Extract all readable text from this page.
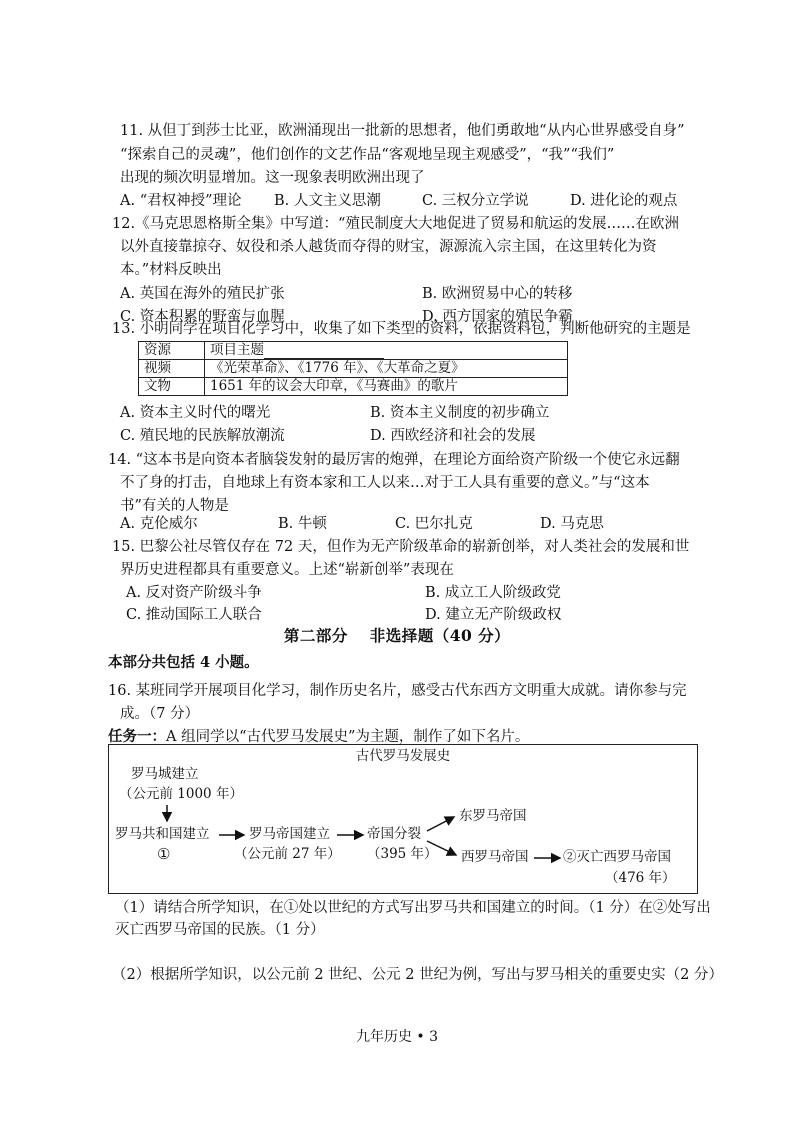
11. 从但丁到莎士比亚，欧洲涌现出一批新的思想者，他们勇敢地“从内心世界感受自身”
“探索自己的灵魂”，他们创作的文艺作品“客观地呈现主观感受”，“我”“我们”
出现的频次明显增加。这一现象表明欧洲出现了
A. “君权神授”理论 B. 人文主义思潮	C. 三权分立学说	D. 进化论的观点
12.《马克思恩格斯全集》中写道：“殖民制度大大地促进了贸易和航运的发展……在欧洲
以外直接靠掠夺、奴役和杀人越货而夺得的财宝，源源流入宗主国，在这里转化为资
本。”材料反映出
A. 英国在海外的殖民扩张	B. 欧洲贸易中心的转移
C. 资本积累的野蛮与血腥	D. 西方国家的殖民争霸
13. 小明同学在项目化学习中，收集了如下类型的资料，依据资料包，判断他研究的主题是
资源	项目主题
视频	《光荣革命》、《1776 年》、《大革命之夏》
文物	1651 年的议会大印章，《马赛曲》的歌片
A. 资本主义时代的曙光	B. 资本主义制度的初步确立
C. 殖民地的民族解放潮流	D. 西欧经济和社会的发展
14. “这本书是向资本者脑袋发射的最厉害的炮弹，在理论方面给资产阶级一个使它永远翻
不了身的打击，自地球上有资本家和工人以来…对于工人具有重要的意义。”与“这本
书”有关的人物是
A. 克伦威尔	B. 牛顿	C. 巴尔扎克	D. 马克思
15. 巴黎公社尽管仅存在 72 天，但作为无产阶级革命的崭新创举，对人类社会的发展和世
界历史进程都具有重要意义。上述“崭新创举”表现在
A. 反对资产阶级斗争	B. 成立工人阶级政党
C. 推动国际工人联合	D. 建立无产阶级政权
第二部分　 非选择题（40 分）
本部分共包括 4 小题。
16. 某班同学开展项目化学习，制作历史名片，感受古代东西方文明重大成就。请你参与完
成。（7 分）
任务一：A 组同学以“古代罗马发展史”为主题，制作了如下名片。
古代罗马发展史
罗马城建立
（公元前 1000 年）
罗马共和国建立
①
罗马帝国建立
（公元前 27 年）
帝国分裂
（395 年）
东罗马帝国
西罗马帝国	②灭亡西罗马帝国
（476 年）
（1）请结合所学知识，在①处以世纪的方式写出罗马共和国建立的时间。（1 分）在②处写出
灭亡西罗马帝国的民族。（1 分）
（2）根据所学知识，以公元前 2 世纪、公元 2 世纪为例，写出与罗马相关的重要史实（2 分）
九年历史 • 3
